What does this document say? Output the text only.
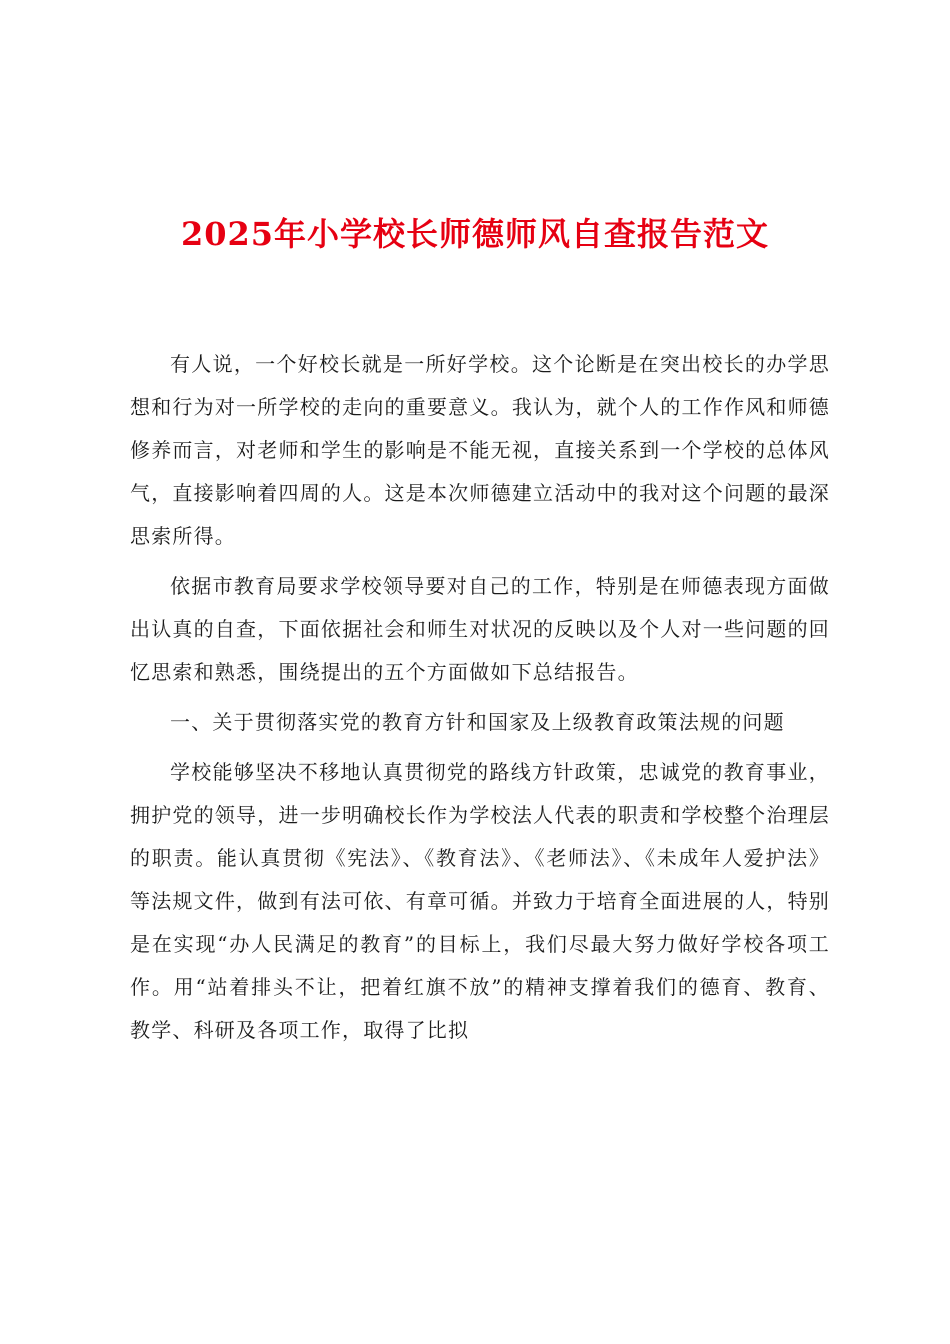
2025年小学校长师德师风自查报告范文

有人说，一个好校长就是一所好学校。这个论断是在突出校长的办学思想和行为对一所学校的走向的重要意义。我认为，就个人的工作作风和师德修养而言，对老师和学生的影响是不能无视，直接关系到一个学校的总体风气，直接影响着四周的人。这是本次师德建立活动中的我对这个问题的最深思索所得。

依据市教育局要求学校领导要对自己的工作，特别是在师德表现方面做出认真的自查，下面依据社会和师生对状况的反映以及个人对一些问题的回忆思索和熟悉，围绕提出的五个方面做如下总结报告。

一、关于贯彻落实党的教育方针和国家及上级教育政策法规的问题

学校能够坚决不移地认真贯彻党的路线方针政策，忠诚党的教育事业，拥护党的领导，进一步明确校长作为学校法人代表的职责和学校整个治理层的职责。能认真贯彻《宪法》、《教育法》、《老师法》、《未成年人爱护法》等法规文件，做到有法可依、有章可循。并致力于培育全面进展的人，特别是在实现“办人民满足的教育”的目标上，我们尽最大努力做好学校各项工作。用“站着排头不让，把着红旗不放”的精神支撑着我们的德育、教育、教学、科研及各项工作，取得了比拟
